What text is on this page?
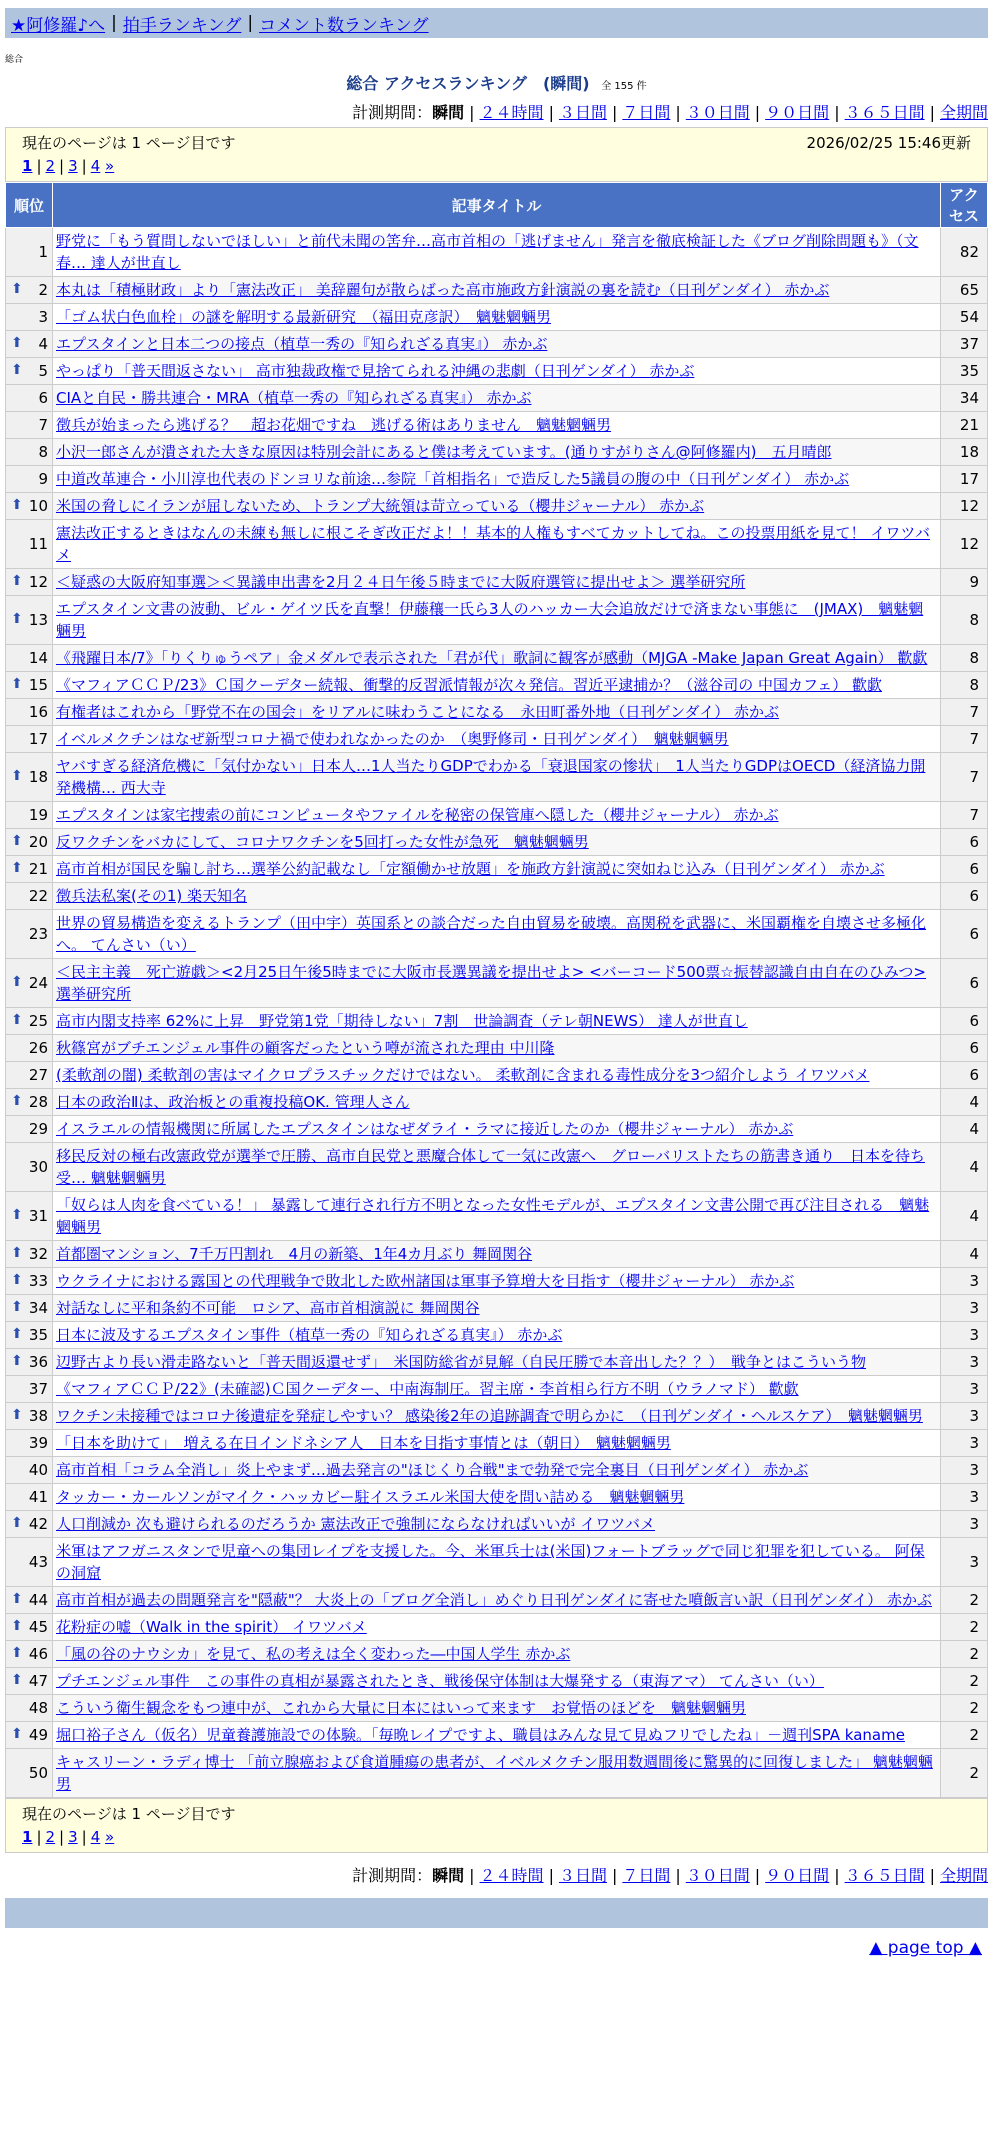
★阿修羅♪へ | 拍手ランキング | コメント数ランキング
総合
総合 アクセスランキング　(瞬間) 全 155 件
計測期間：瞬間 | ２４時間 | ３日間 | ７日間 | ３０日間 | ９０日間 | ３６５日間 | 全期間
現在のページは 1 ページ目です	2026/02/25 15:46更新
1 | 2 | 3 | 4 »
順位	記事タイトル	アクセス
1	野党に「もう質問しないでほしい」と前代未聞の筈弁…高市首相の「逃げません」発言を徹底検証した《ブログ削除問題も》（文春… 達人が世直し	82

⬆ 2	本丸は「積極財政」より「憲法改正」 美辞麗句が散らばった高市施政方針演説の裏を読む（日刊ゲンダイ） 赤かぶ	65
3	「ゴム状白色血栓」の謎を解明する最新研究　（福田克彦訳）　魑魅魍魎男	54

⬆ 4	エプスタインと日本二つの接点（植草一秀の『知られざる真実』） 赤かぶ	37

⬆ 5	やっぱり「普天間返さない」 高市独裁政権で見捨てられる沖縄の悲劇（日刊ゲンダイ） 赤かぶ	35
6	CIAと自民・勝共連合・MRA（植草一秀の『知られざる真実』） 赤かぶ	34
7	徴兵が始まったら逃げる？　超お花畑ですね　逃げる術はありません　魑魅魍魎男	21
8	小沢一郎さんが潰された大きな原因は特別会計にあると僕は考えています。(通りすがりさん@阿修羅内)　五月晴郎	18
9	中道改革連合・小川淳也代表のドンヨリな前途…参院「首相指名」で造反した5議員の腹の中（日刊ゲンダイ） 赤かぶ	17

⬆ 10	米国の脅しにイランが屈しないため、トランプ大統領は苛立っている（櫻井ジャーナル） 赤かぶ	12
11	憲法改正するときはなんの未練も無しに根こそぎ改正だよ！！基本的人権もすべてカットしてね。この投票用紙を見て！ イワツバメ	12

⬆ 12	＜疑惑の大阪府知事選＞＜異議申出書を2月２４日午後５時までに大阪府選管に提出せよ＞ 選挙研究所	9

⬆ 13	エプスタイン文書の波動、ビル・ゲイツ氏を直撃！伊藤穰一氏ら3人のハッカー大会追放だけで済まない事態に　(JMAX)　魑魅魍魎男	8
14	《飛躍日本/7》「りくりゅうペア」金メダルで表示された「君が代」歌詞に観客が感動（MJGA -Make Japan Great Again） 歡歔	8

⬆ 15	《マフィアＣＣＰ/23》Ｃ国クーデター続報、衝撃的反習派情報が次々発信。習近平逮捕か？（滋谷司の 中国カフェ） 歡歔	8
16	有権者はこれから「野党不在の国会」をリアルに味わうことになる　永田町番外地（日刊ゲンダイ） 赤かぶ	7
17	イベルメクチンはなぜ新型コロナ禍で使われなかったのか　（奥野修司・日刊ゲンダイ）　魑魅魍魎男	7

⬆ 18	ヤバすぎる経済危機に「気付かない」日本人…1人当たりGDPでわかる「衰退国家の惨状」　1人当たりGDPはOECD（経済協力開発機構… 西大寺	7
19	エプスタインは家宅捜索の前にコンピュータやファイルを秘密の保管庫へ隠した（櫻井ジャーナル） 赤かぶ	7

⬆ 20	反ワクチンをバカにして、コロナワクチンを5回打った女性が急死　魑魅魍魎男	6

⬆ 21	高市首相が国民を騙し討ち…選挙公約記載なし「定額働かせ放題」を施政方針演説に突如ねじ込み（日刊ゲンダイ） 赤かぶ	6
22	徴兵法私案(その1) 楽天知名	6
23	世界の貿易構造を変えるトランプ（田中宇）英国系との談合だった自由貿易を破壊。高関税を武器に、米国覇権を自壊させ多極化へ。 てんさい（い）	6

⬆ 24	＜民主主義　死亡遊戯＞<2月25日午後5時までに大阪市長選異議を提出せよ> <バーコード500票☆振替認識自由自在のひみつ> 選挙研究所	6

⬆ 25	高市内閣支持率 62%に上昇　野党第1党「期待しない」7割　世論調査（テレ朝NEWS） 達人が世直し	6
26	秋篠宮がブチエンジェル事件の顧客だったという噂が流された理由 中川隆	6
27	(柔軟剤の闇) 柔軟剤の害はマイクロプラスチックだけではない。 柔軟剤に含まれる毒性成分を3つ紹介しよう イワツバメ	6

⬆ 28	日本の政治Ⅱは、政治板との重複投稿OK. 管理人さん	4
29	イスラエルの情報機関に所属したエプスタインはなぜダライ・ラマに接近したのか（櫻井ジャーナル） 赤かぶ	4
30	移民反対の極右改憲政党が選挙で圧勝、高市自民党と悪魔合体して一気に改憲へ　グローバリストたちの筋書き通り　日本を待ち受… 魑魅魍魎男	4

⬆ 31	「奴らは人肉を食べている！」 暴露して連行され行方不明となった女性モデルが、エプスタイン文書公開で再び注目される　魑魅魍魎男	4

⬆ 32	首都圏マンション、7千万円割れ　4月の新築、1年4カ月ぶり 舞岡関谷	4

⬆ 33	ウクライナにおける露国との代理戦争で敗北した欧州諸国は軍事予算増大を目指す（櫻井ジャーナル） 赤かぶ	3

⬆ 34	対話なしに平和条約不可能　ロシア、高市首相演説に 舞岡関谷	3

⬆ 35	日本に波及するエプスタイン事件（植草一秀の『知られざる真実』） 赤かぶ	3

⬆ 36	辺野古より長い滑走路ないと「普天間返還せず」　米国防総省が見解（自民圧勝で本音出した？？）　戦争とはこういう物	3
37	《マフィアＣＣＰ/22》(未確認)Ｃ国クーデター、中南海制圧。習主席・李首相ら行方不明（ウラノマド） 歡歔	3

⬆ 38	ワクチン未接種ではコロナ後遺症を発症しやすい？ 感染後2年の追跡調査で明らかに　（日刊ゲンダイ・ヘルスケア）　魑魅魍魎男	3
39	「日本を助けて」　増える在日インドネシア人　日本を目指す事情とは（朝日）　魑魅魍魎男	3
40	高市首相「コラム全消し」炎上やまず…過去発言の"ほじくり合戦"まで勃発で完全裏目（日刊ゲンダイ） 赤かぶ	3
41	タッカー・カールソンがマイク・ハッカビー駐イスラエル米国大使を問い詰める　魑魅魍魎男	3

⬆ 42	人口削減か 次も避けられるのだろうか 憲法改正で強制にならなければいいが イワツバメ	3
43	米軍はアフガニスタンで児童への集団レイプを支援した。今、米軍兵士は(米国)フォートブラッグで同じ犯罪を犯している。 阿保の洞窟	3

⬆ 44	高市首相が過去の問題発言を"隠蔽"？ 大炎上の「ブログ全消し」めぐり日刊ゲンダイに寄せた噴飯言い訳（日刊ゲンダイ） 赤かぶ	2

⬆ 45	花粉症の嘘（Walk in the spirit） イワツバメ	2

⬆ 46	「風の谷のナウシカ」を見て、私の考えは全く変わった―中国人学生 赤かぶ	2

⬆ 47	プチエンジェル事件　この事件の真相が暴露されたとき、戦後保守体制は大爆発する（東海アマ） てんさい（い）	2
48	こういう衛生観念をもつ連中が、これから大量に日本にはいって来ます　お覚悟のほどを　魑魅魍魎男	2

⬆ 49	堀口裕子さん（仮名）児童養護施設での体験。「毎晩レイプですよ、職員はみんな見て見ぬフリでしたね」－週刊SPA kaname	2
50	キャスリーン・ラディ博士 「前立腺癌および食道腫瘍の患者が、イベルメクチン服用数週間後に驚異的に回復しました」 魑魅魍魎男	2
現在のページは 1 ページ目です
1 | 2 | 3 | 4 »
計測期間：瞬間 | ２４時間 | ３日間 | ７日間 | ３０日間 | ９０日間 | ３６５日間 | 全期間
▲ page top ▲
